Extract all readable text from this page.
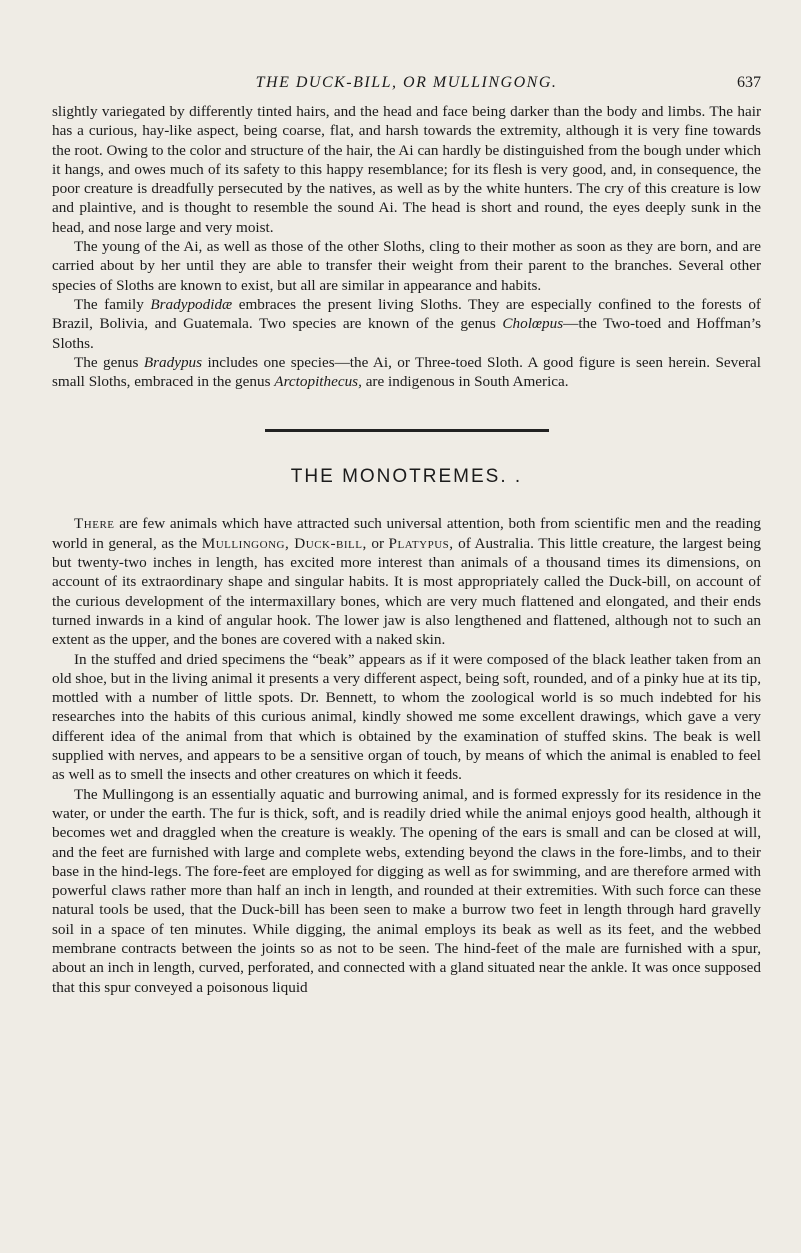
THE DUCK-BILL, OR MULLINGONG.	637

slightly variegated by differently tinted hairs, and the head and face being darker than the body and limbs. The hair has a curious, hay-like aspect, being coarse, flat, and harsh towards the extremity, although it is very fine towards the root. Owing to the color and structure of the hair, the Ai can hardly be distinguished from the bough under which it hangs, and owes much of its safety to this happy resemblance; for its flesh is very good, and, in consequence, the poor creature is dreadfully persecuted by the natives, as well as by the white hunters. The cry of this creature is low and plaintive, and is thought to resemble the sound Ai. The head is short and round, the eyes deeply sunk in the head, and nose large and very moist.

The young of the Ai, as well as those of the other Sloths, cling to their mother as soon as they are born, and are carried about by her until they are able to transfer their weight from their parent to the branches. Several other species of Sloths are known to exist, but all are similar in appearance and habits.

The family Bradypodidæ embraces the present living Sloths. They are especially confined to the forests of Brazil, Bolivia, and Guatemala. Two species are known of the genus Cholœpus—the Two-toed and Hoffman’s Sloths.

The genus Bradypus includes one species—the Ai, or Three-toed Sloth. A good figure is seen herein. Several small Sloths, embraced in the genus Arctopithecus, are indigenous in South America.

THE MONOTREMES. .

There are few animals which have attracted such universal attention, both from scientific men and the reading world in general, as the Mullingong, Duck-bill, or Platypus, of Australia. This little creature, the largest being but twenty-two inches in length, has excited more interest than animals of a thousand times its dimensions, on account of its extraordinary shape and singular habits. It is most appropriately called the Duck-bill, on account of the curious development of the intermaxillary bones, which are very much flattened and elongated, and their ends turned inwards in a kind of angular hook. The lower jaw is also lengthened and flattened, although not to such an extent as the upper, and the bones are covered with a naked skin.

In the stuffed and dried specimens the “beak” appears as if it were composed of the black leather taken from an old shoe, but in the living animal it presents a very different aspect, being soft, rounded, and of a pinky hue at its tip, mottled with a number of little spots. Dr. Bennett, to whom the zoological world is so much indebted for his researches into the habits of this curious animal, kindly showed me some excellent drawings, which gave a very different idea of the animal from that which is obtained by the examination of stuffed skins. The beak is well supplied with nerves, and appears to be a sensitive organ of touch, by means of which the animal is enabled to feel as well as to smell the insects and other creatures on which it feeds.

The Mullingong is an essentially aquatic and burrowing animal, and is formed expressly for its residence in the water, or under the earth. The fur is thick, soft, and is readily dried while the animal enjoys good health, although it becomes wet and draggled when the creature is weakly. The opening of the ears is small and can be closed at will, and the feet are furnished with large and complete webs, extending beyond the claws in the fore-limbs, and to their base in the hind-legs. The fore-feet are employed for digging as well as for swimming, and are therefore armed with powerful claws rather more than half an inch in length, and rounded at their extremities. With such force can these natural tools be used, that the Duck-bill has been seen to make a burrow two feet in length through hard gravelly soil in a space of ten minutes. While digging, the animal employs its beak as well as its feet, and the webbed membrane contracts between the joints so as not to be seen. The hind-feet of the male are furnished with a spur, about an inch in length, curved, perforated, and connected with a gland situated near the ankle. It was once supposed that this spur conveyed a poisonous liquid
